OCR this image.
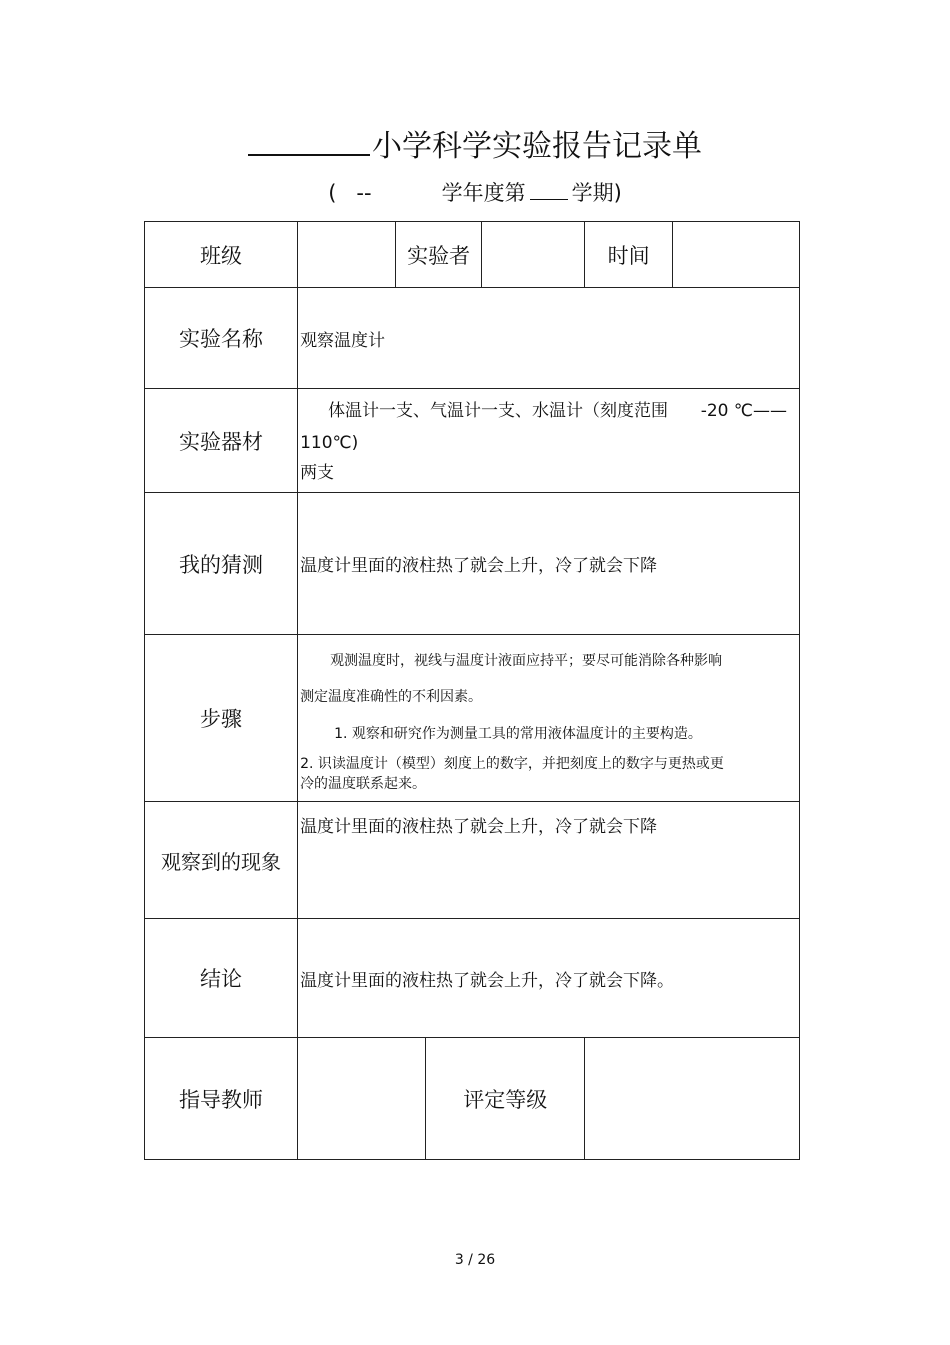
小学科学实验报告记录单
( --	学年度第 学期)
班级		实验者			时间	
实验名称	观察温度计					
实验器材	体温计一支、气温计一支、水温计（刻度范围 -20 ℃——
110℃)
两支					

我的猜测	温度计里面的液柱热了就会上升，冷了就会下降					
步骤	观测温度时，视线与温度计液面应持平；要尽可能消除各种影响
测定温度准确性的不利因素。
1. 观察和研究作为测量工具的常用液体温度计的主要构造。
2. 识读温度计（模型）刻度上的数字，并把刻度上的数字与更热或更
冷的温度联系起来。					

观察到的现象	温度计里面的液柱热了就会上升，冷了就会下降					
结论	温度计里面的液柱热了就会上升，冷了就会下降。					
指导教师			评定等级			
3 / 26
